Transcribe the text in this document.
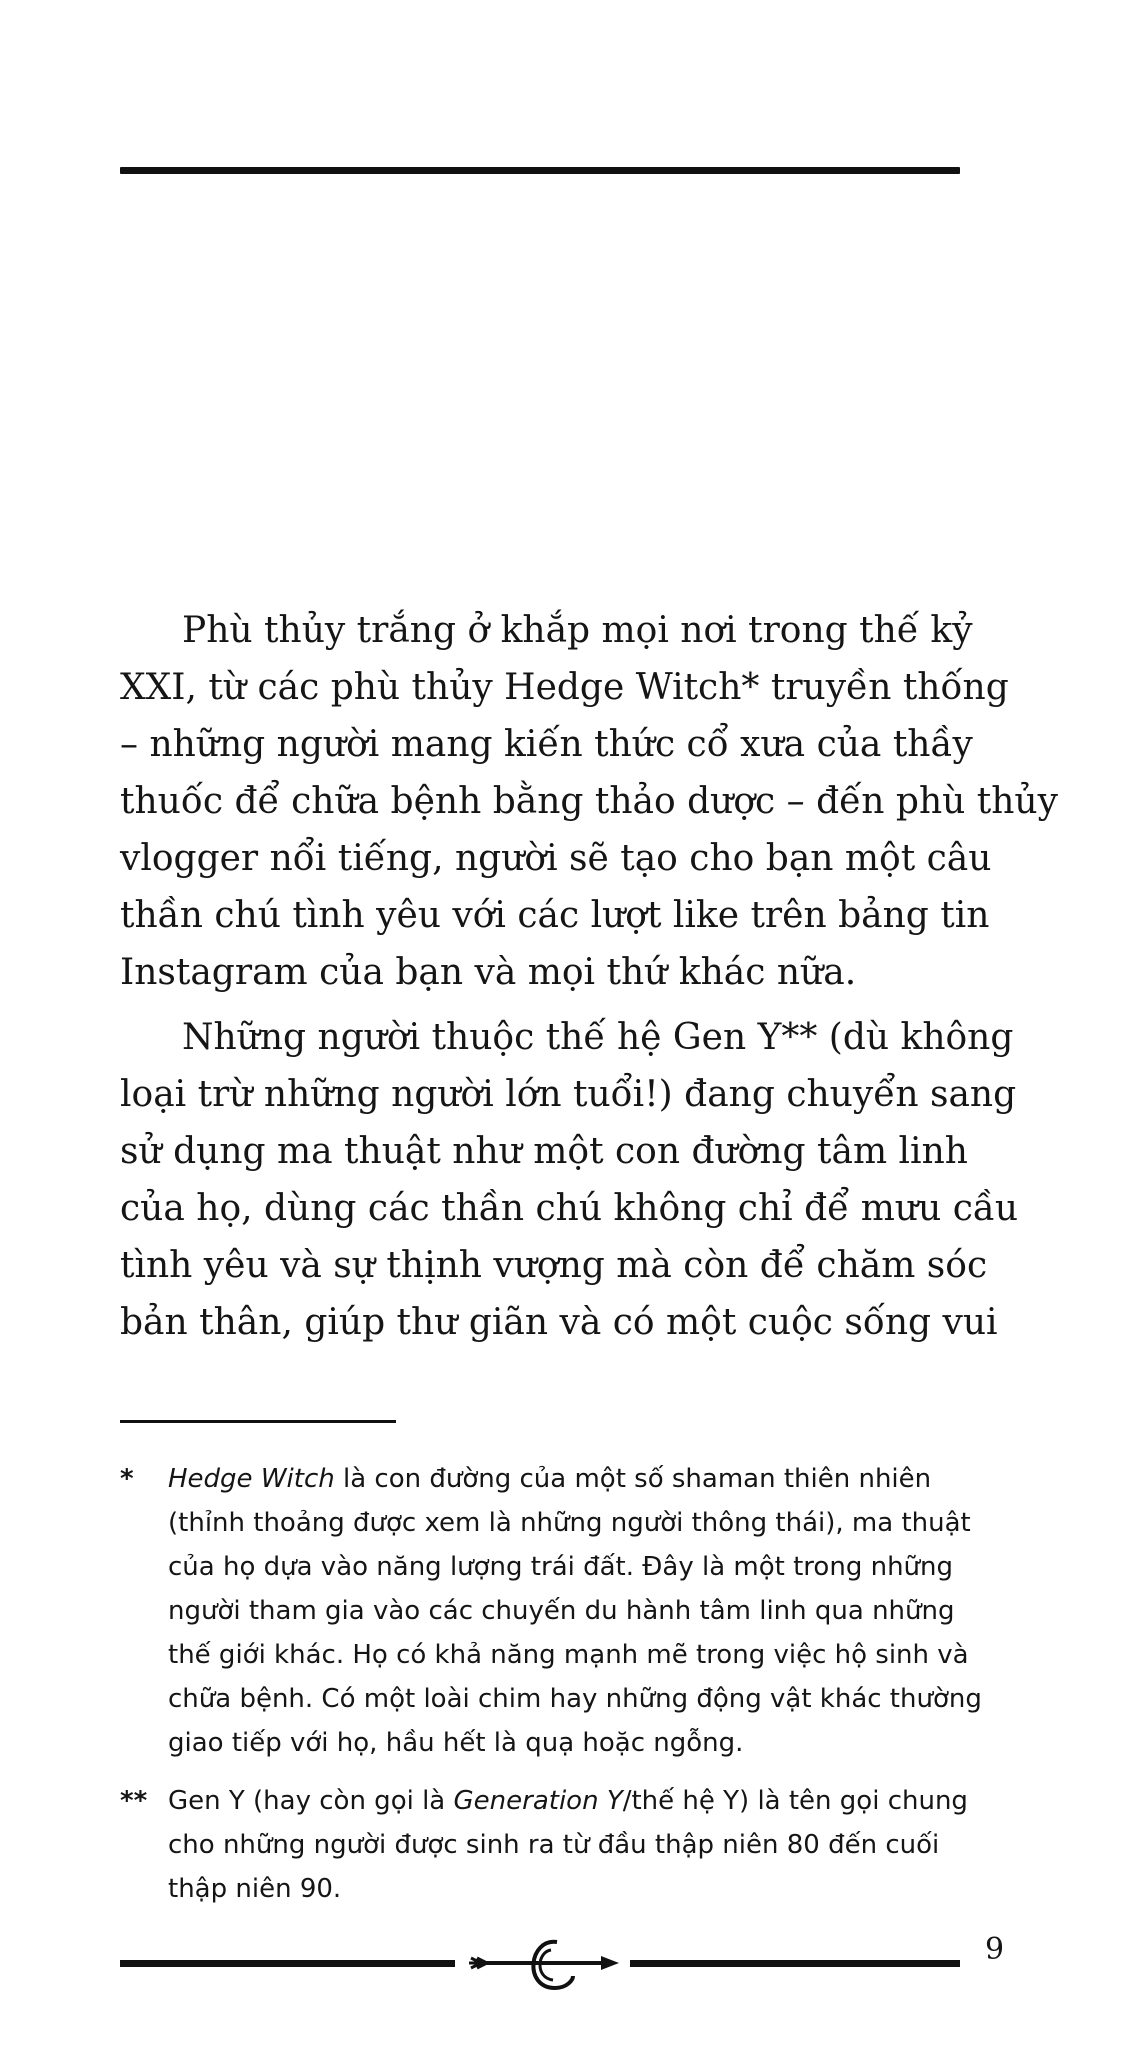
Phù thủy trắng ở khắp mọi nơi trong thế kỷ
XXI, từ các phù thủy Hedge Witch* truyền thống
– những người mang kiến thức cổ xưa của thầy
thuốc để chữa bệnh bằng thảo dược – đến phù thủy
vlogger nổi tiếng, người sẽ tạo cho bạn một câu
thần chú tình yêu với các lượt like trên bảng tin
Instagram của bạn và mọi thứ khác nữa.

Những người thuộc thế hệ Gen Y** (dù không
loại trừ những người lớn tuổi!) đang chuyển sang
sử dụng ma thuật như một con đường tâm linh
của họ, dùng các thần chú không chỉ để mưu cầu
tình yêu và sự thịnh vượng mà còn để chăm sóc
bản thân, giúp thư giãn và có một cuộc sống vui

* Hedge Witch là con đường của một số shaman thiên nhiên
(thỉnh thoảng được xem là những người thông thái), ma thuật
của họ dựa vào năng lượng trái đất. Đây là một trong những
người tham gia vào các chuyến du hành tâm linh qua những
thế giới khác. Họ có khả năng mạnh mẽ trong việc hộ sinh và
chữa bệnh. Có một loài chim hay những động vật khác thường
giao tiếp với họ, hầu hết là quạ hoặc ngỗng.
** Gen Y (hay còn gọi là Generation Y/thế hệ Y) là tên gọi chung
cho những người được sinh ra từ đầu thập niên 80 đến cuối
thập niên 90.
9
